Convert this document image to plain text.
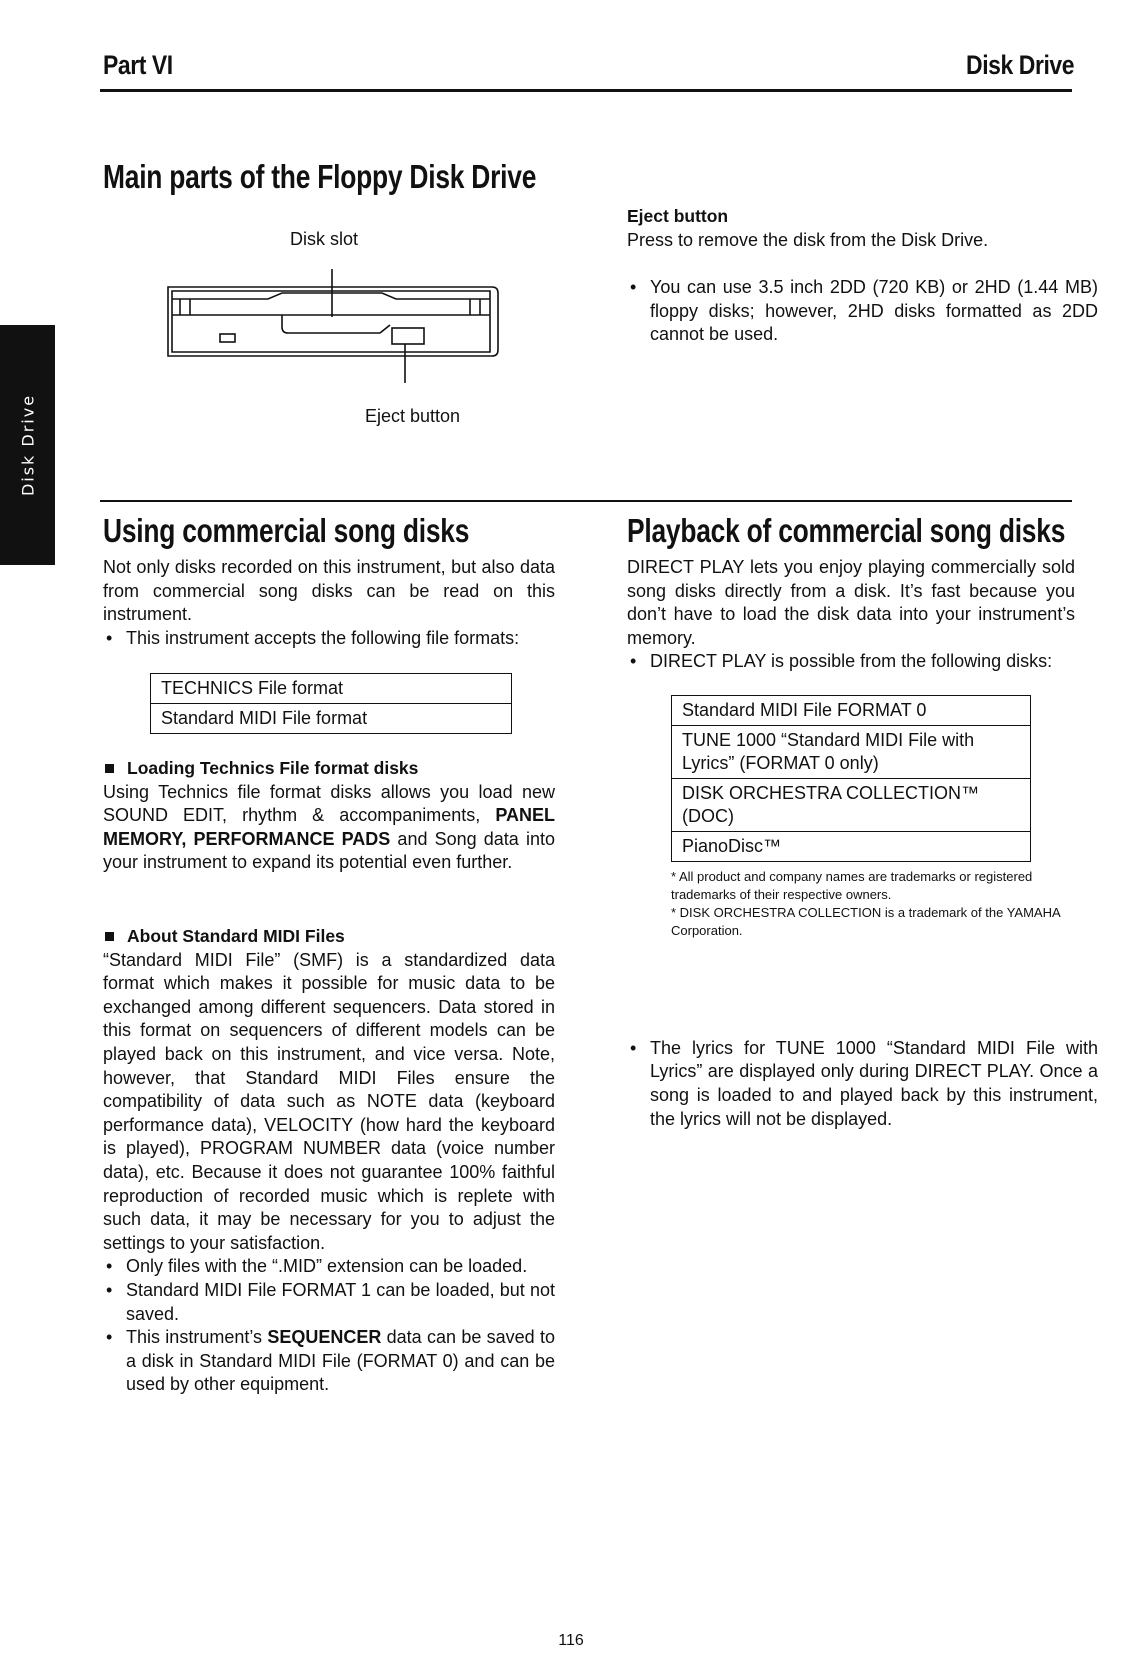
Part VI	Disk Drive
Disk Drive
Main parts of the Floppy Disk Drive
Disk slot
Eject button
Eject button
Press to remove the disk from the Disk Drive.
• You can use 3.5 inch 2DD (720 KB) or 2HD (1.44 MB) floppy disks; however, 2HD disks formatted as 2DD cannot be used.
Using commercial song disks
Not only disks recorded on this instrument, but also data from commercial song disks can be read on this instrument.
• This instrument accepts the following file formats:
TECHNICS File format
Standard MIDI File format
Loading Technics File format disks
Using Technics file format disks allows you load new SOUND EDIT, rhythm & accompaniments, PANEL MEMORY, PERFORMANCE PADS and Song data into your instrument to expand its potential even further.
About Standard MIDI Files
“Standard MIDI File” (SMF) is a standardized data format which makes it possible for music data to be exchanged among different sequencers. Data stored in this format on sequencers of different models can be played back on this instrument, and vice versa. Note, however, that Standard MIDI Files ensure the compatibility of data such as NOTE data (keyboard performance data), VELOCITY (how hard the keyboard is played), PROGRAM NUMBER data (voice number data), etc. Because it does not guarantee 100% faithful reproduction of recorded music which is replete with such data, it may be necessary for you to adjust the settings to your satisfaction.
• Only files with the “.MID” extension can be loaded.
• Standard MIDI File FORMAT 1 can be loaded, but not saved.
• This instrument’s SEQUENCER data can be saved to a disk in Standard MIDI File (FORMAT 0) and can be used by other equipment.
Playback of commercial song disks
DIRECT PLAY lets you enjoy playing commercially sold song disks directly from a disk. It’s fast because you don’t have to load the disk data into your instrument’s memory.
• DIRECT PLAY is possible from the following disks:
Standard MIDI File FORMAT 0
TUNE 1000 “Standard MIDI File with Lyrics” (FORMAT 0 only)
DISK ORCHESTRA COLLECTION™ (DOC)
PianoDisc™
* All product and company names are trademarks or registered trademarks of their respective owners.
* DISK ORCHESTRA COLLECTION is a trademark of the YAMAHA Corporation.
• The lyrics for TUNE 1000 “Standard MIDI File with Lyrics” are displayed only during DIRECT PLAY. Once a song is loaded to and played back by this instrument, the lyrics will not be displayed.
116
